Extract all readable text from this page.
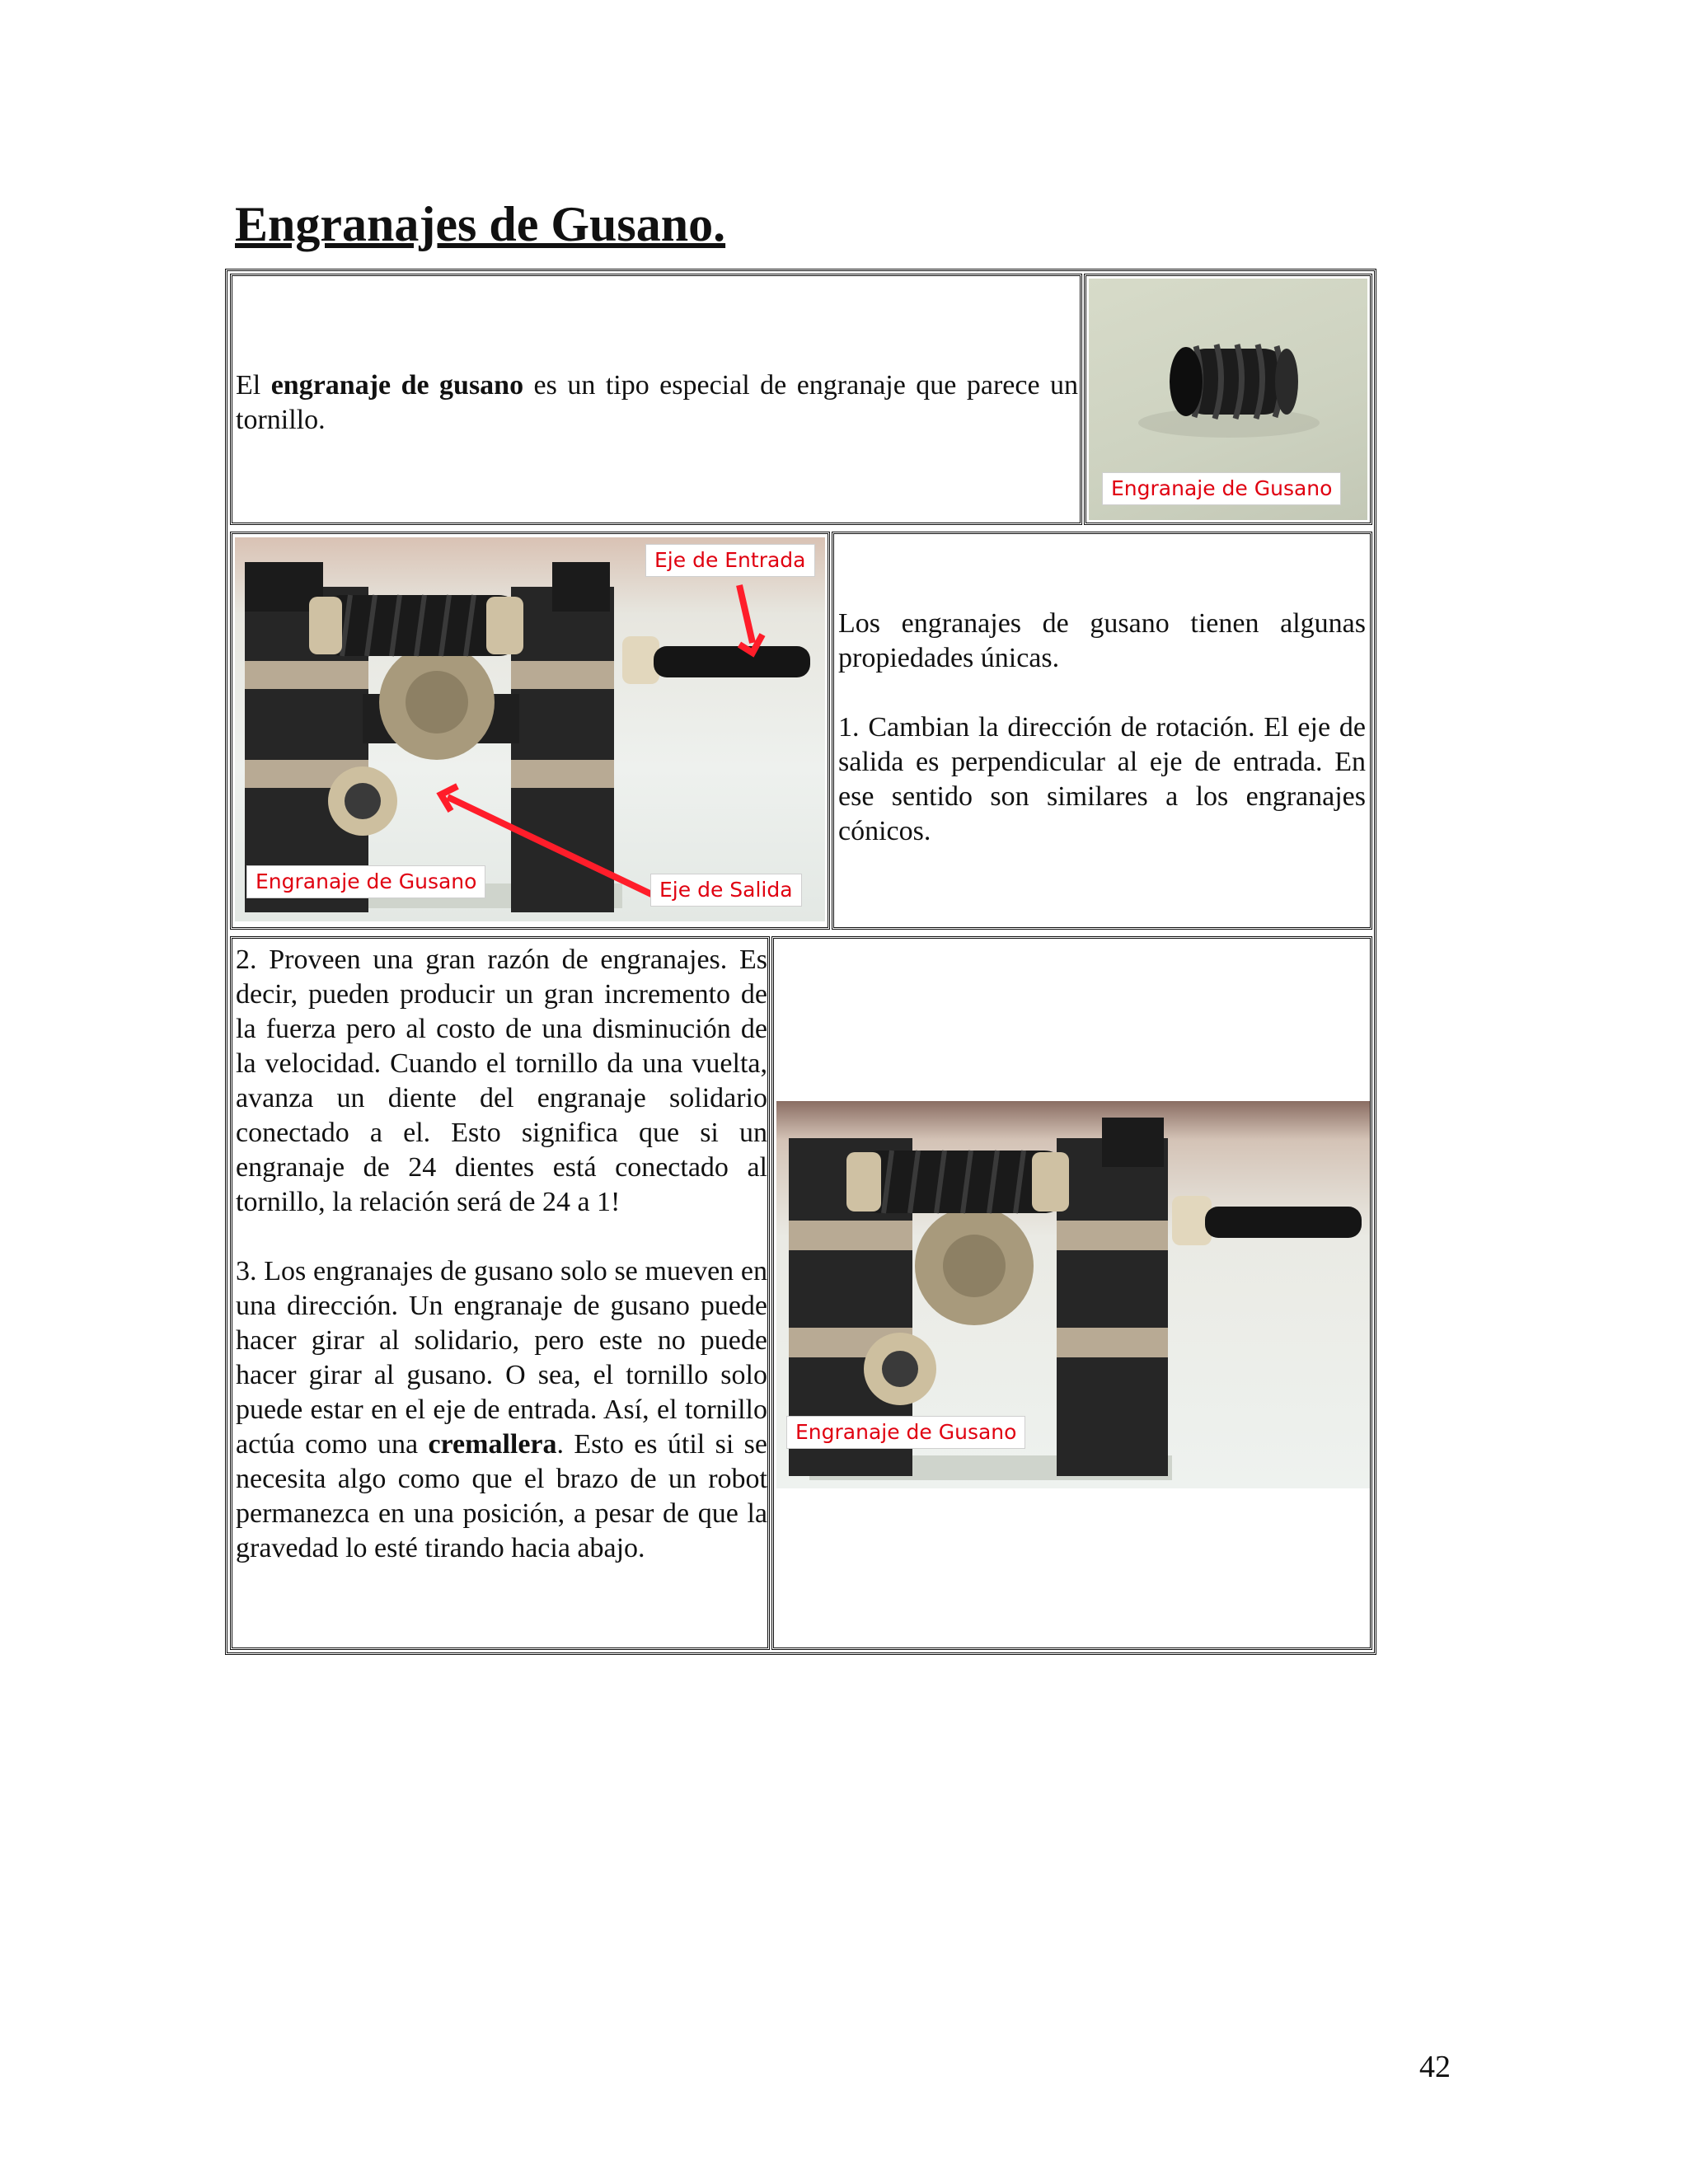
Engranajes de Gusano.
El engranaje de gusano es un tipo especial de engranaje que parece un tornillo.
Engranaje de Gusano
Eje de Entrada
Engranaje de Gusano	Eje de Salida

Los engranajes de gusano tienen algunas propiedades únicas.

1. Cambian la dirección de rotación. El eje de salida es perpendicular al eje de entrada. En ese sentido son similares a los engranajes cónicos.

2. Proveen una gran razón de engranajes. Es decir, pueden producir un gran incremento de la fuerza pero al costo de una disminución de la velocidad. Cuando el tornillo da una vuelta, avanza un diente del engranaje solidario conectado a el. Esto significa que si un engranaje de 24 dientes está conectado al tornillo, la relación será de 24 a 1!

3. Los engranajes de gusano solo se mueven en una dirección. Un engranaje de gusano puede hacer girar al solidario, pero este no puede hacer girar al gusano. O sea, el tornillo solo puede estar en el eje de entrada. Así, el tornillo actúa como una cremallera. Esto es útil si se necesita algo como que el brazo de un robot permanezca en una posición, a pesar de que la gravedad lo esté tirando hacia abajo.

Engranaje de Gusano
42
